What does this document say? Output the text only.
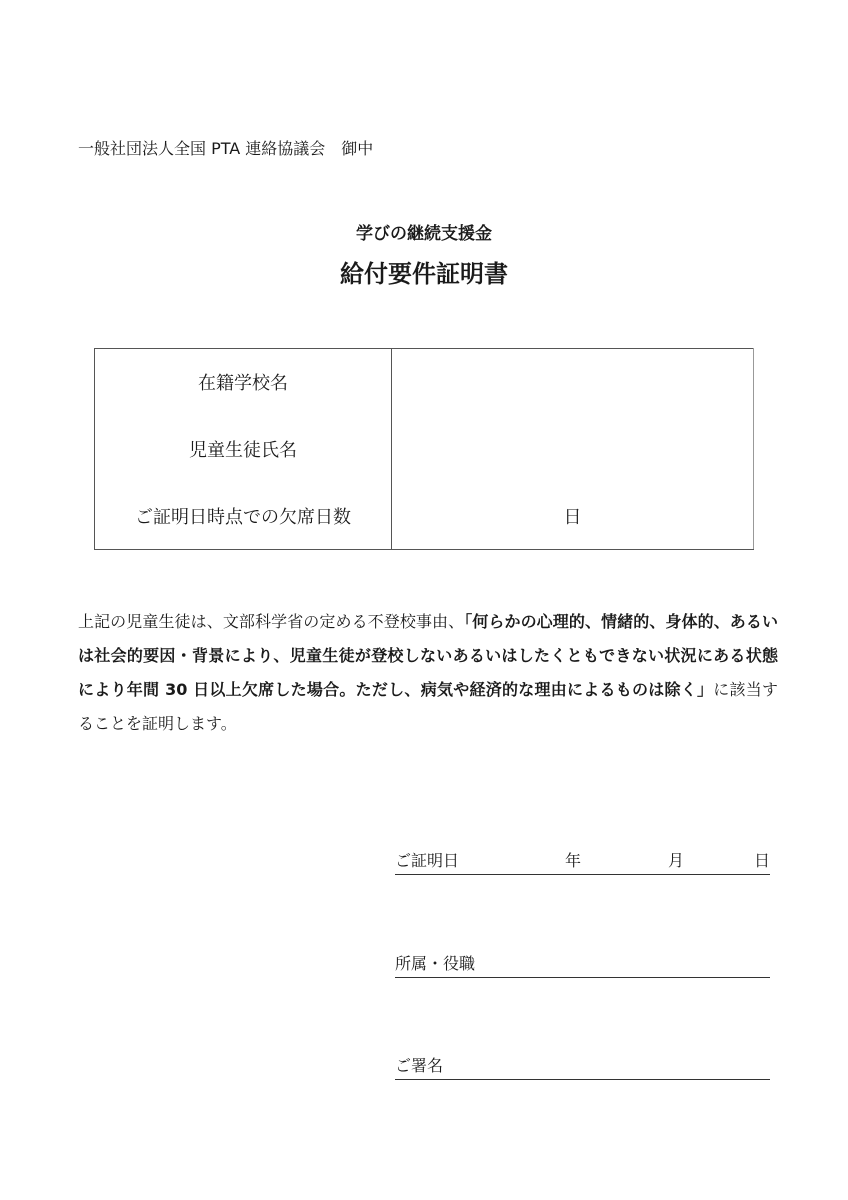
一般社団法人全国 PTA 連絡協議会　御中
学びの継続支援金
給付要件証明書
在籍学校名	
児童生徒氏名	
ご証明日時点での欠席日数	日
上記の児童生徒は、文部科学省の定める不登校事由、「何らかの心理的、情緒的、身体的、あるいは社会的要因・背景により、児童生徒が登校しないあるいはしたくともできない状況にある状態により年間 30 日以上欠席した場合。ただし、病気や経済的な理由によるものは除く」に該当することを証明します。
ご証明日	年	月	日
所属・役職
ご署名
